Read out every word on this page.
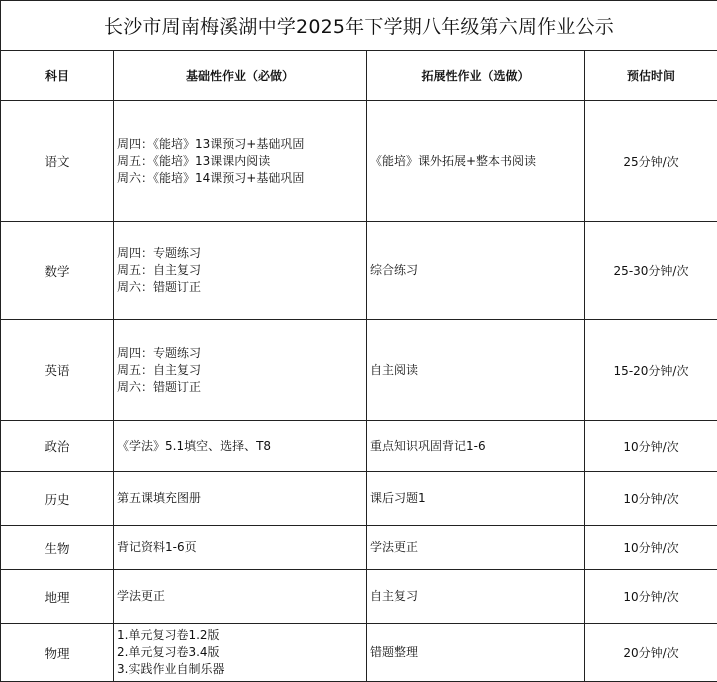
长沙市周南梅溪湖中学2025年下学期八年级第六周作业公示			
科目	基础性作业（必做）	拓展性作业（选做）	预估时间
语文	周四：《能培》13课预习+基础巩固
周五：《能培》13课课内阅读
周六：《能培》14课预习+基础巩固	《能培》课外拓展+整本书阅读	25分钟/次
数学	周四：专题练习
周五：自主复习
周六：错题订正	综合练习	25-30分钟/次
英语	周四：专题练习
周五：自主复习
周六：错题订正	自主阅读	15-20分钟/次
政治	《学法》5.1填空、选择、T8	重点知识巩固背记1-6	10分钟/次
历史	第五课填充图册	课后习题1	10分钟/次
生物	背记资料1-6页	学法更正	10分钟/次
地理	学法更正	自主复习	10分钟/次
物理	1.单元复习卷1.2版
2.单元复习卷3.4版
3.实践作业自制乐器	错题整理	20分钟/次
